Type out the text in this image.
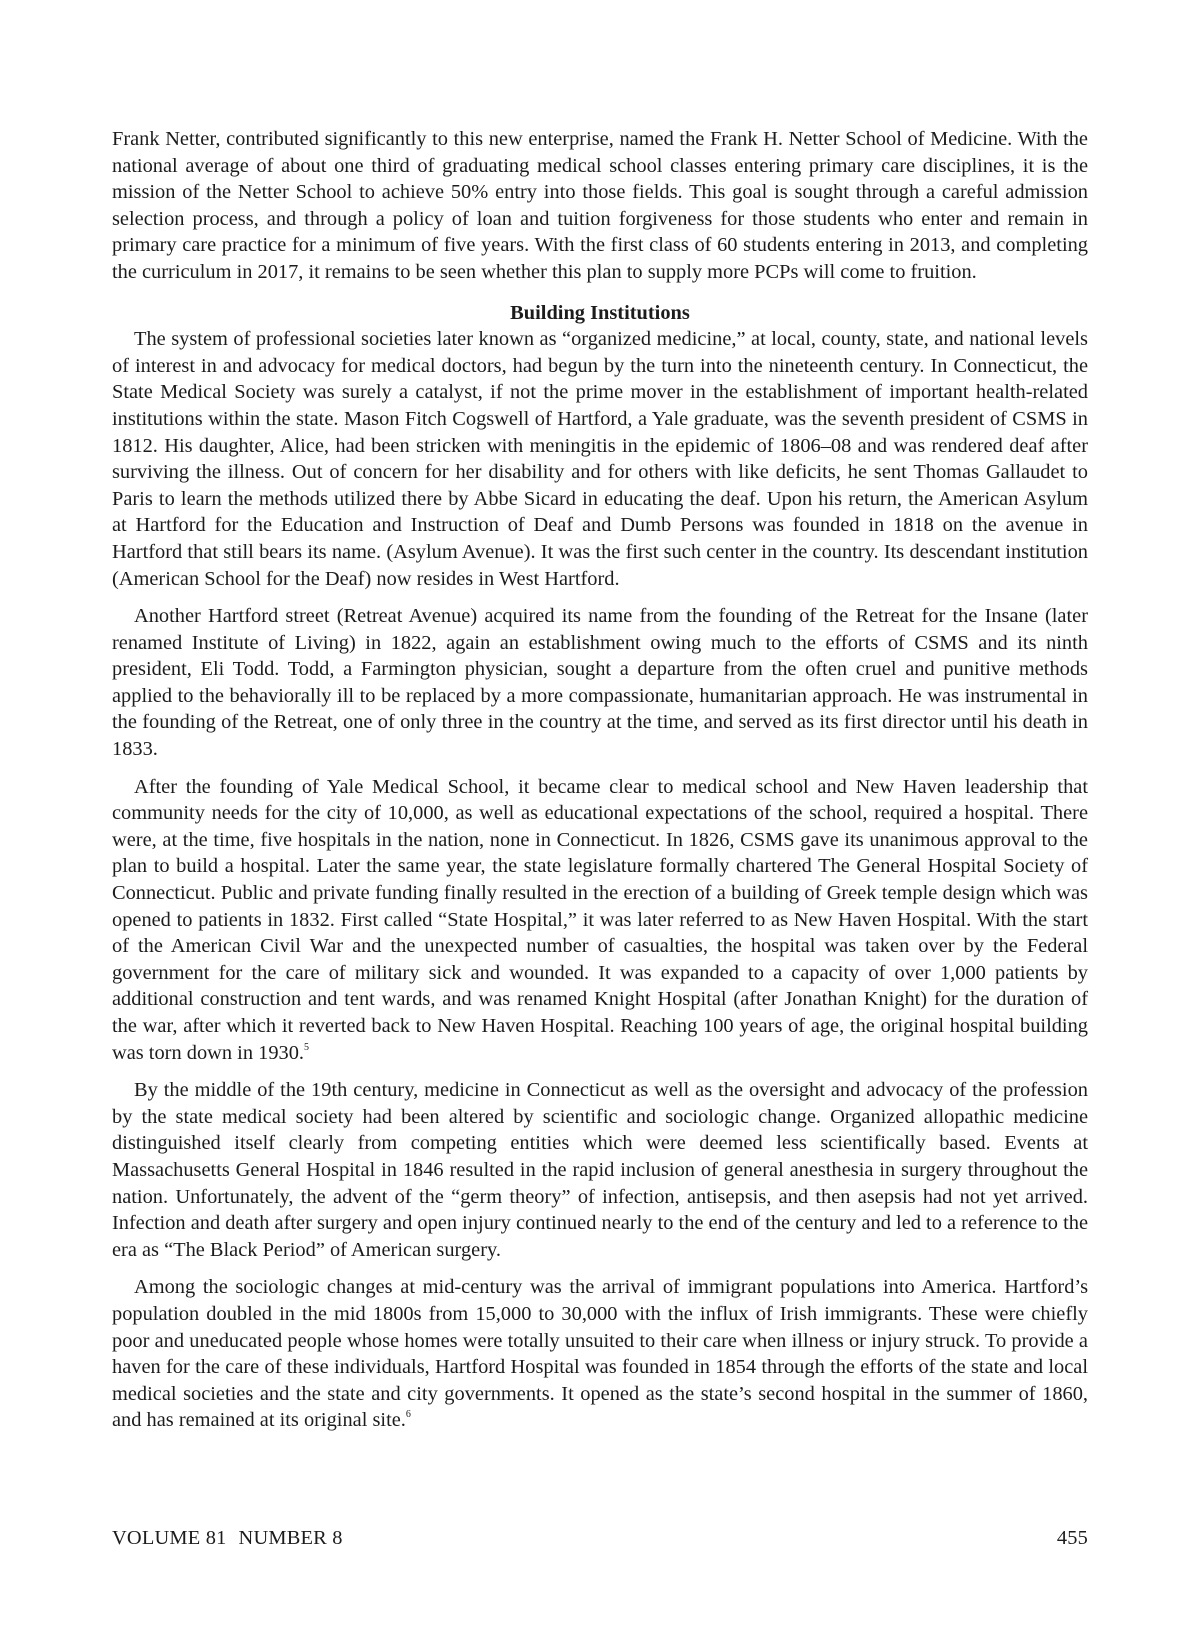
Frank Netter, contributed significantly to this new enterprise, named the Frank H. Netter School of Medicine. With the national average of about one third of graduating medical school classes entering primary care disciplines, it is the mission of the Netter School to achieve 50% entry into those fields. This goal is sought through a careful admission selection process, and through a policy of loan and tuition forgiveness for those students who enter and remain in primary care practice for a minimum of five years. With the first class of 60 students entering in 2013, and completing the curriculum in 2017, it remains to be seen whether this plan to supply more PCPs will come to fruition.

Building Institutions

The system of professional societies later known as “organized medicine,” at local, county, state, and national levels of interest in and advocacy for medical doctors, had begun by the turn into the nineteenth century. In Connecticut, the State Medical Society was surely a catalyst, if not the prime mover in the establishment of important health-related institutions within the state. Mason Fitch Cogswell of Hartford, a Yale graduate, was the seventh president of CSMS in 1812. His daughter, Alice, had been stricken with meningitis in the epidemic of 1806–08 and was rendered deaf after surviving the illness. Out of concern for her disability and for others with like deficits, he sent Thomas Gallaudet to Paris to learn the methods utilized there by Abbe Sicard in educating the deaf. Upon his return, the American Asylum at Hartford for the Education and Instruction of Deaf and Dumb Persons was founded in 1818 on the avenue in Hartford that still bears its name. (Asylum Avenue). It was the first such center in the country. Its descendant institution (American School for the Deaf) now resides in West Hartford.

Another Hartford street (Retreat Avenue) acquired its name from the founding of the Retreat for the Insane (later renamed Institute of Living) in 1822, again an establishment owing much to the efforts of CSMS and its ninth president, Eli Todd. Todd, a Farmington physician, sought a departure from the often cruel and punitive methods applied to the behaviorally ill to be replaced by a more compassionate, humanitarian approach. He was instrumental in the founding of the Retreat, one of only three in the country at the time, and served as its first director until his death in 1833.

After the founding of Yale Medical School, it became clear to medical school and New Haven leadership that community needs for the city of 10,000, as well as educational expectations of the school, required a hospital. There were, at the time, five hospitals in the nation, none in Connecticut. In 1826, CSMS gave its unanimous approval to the plan to build a hospital. Later the same year, the state legislature formally chartered The General Hospital Society of Connecticut. Public and private funding finally resulted in the erection of a building of Greek temple design which was opened to patients in 1832. First called “State Hospital,” it was later referred to as New Haven Hospital. With the start of the American Civil War and the unexpected number of casualties, the hospital was taken over by the Federal government for the care of military sick and wounded. It was expanded to a capacity of over 1,000 patients by additional construction and tent wards, and was renamed Knight Hospital (after Jonathan Knight) for the duration of the war, after which it reverted back to New Haven Hospital. Reaching 100 years of age, the original hospital building was torn down in 1930.$^5$

By the middle of the 19th century, medicine in Connecticut as well as the oversight and advocacy of the profession by the state medical society had been altered by scientific and sociologic change. Organized allopathic medicine distinguished itself clearly from competing entities which were deemed less scientifically based. Events at Massachusetts General Hospital in 1846 resulted in the rapid inclusion of general anesthesia in surgery throughout the nation. Unfortunately, the advent of the “germ theory” of infection, antisepsis, and then asepsis had not yet arrived. Infection and death after surgery and open injury continued nearly to the end of the century and led to a reference to the era as “The Black Period” of American surgery.

Among the sociologic changes at mid-century was the arrival of immigrant populations into America. Hartford’s population doubled in the mid 1800s from 15,000 to 30,000 with the influx of Irish immigrants. These were chiefly poor and uneducated people whose homes were totally unsuited to their care when illness or injury struck. To provide a haven for the care of these individuals, Hartford Hospital was founded in 1854 through the efforts of the state and local medical societies and the state and city governments. It opened as the state’s second hospital in the summer of 1860, and has remained at its original site.$^6$

VOLUME 81 NUMBER 8	455
